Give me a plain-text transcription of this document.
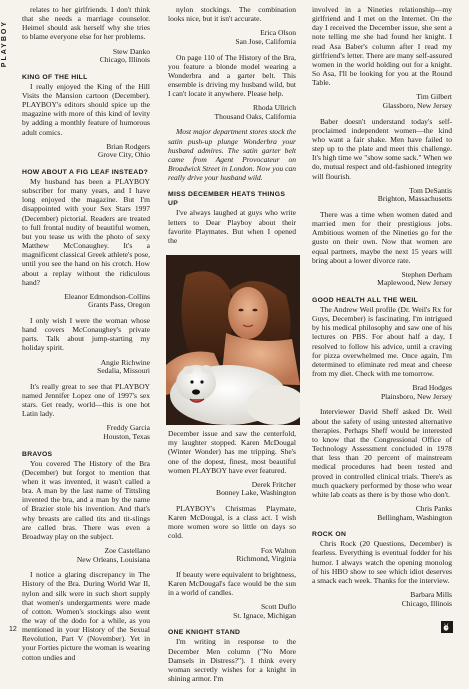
PLAYBOY
12

relates to her girlfriends. I don't think that she needs a marriage counselor. Heimel should ask herself why she tries to blame everyone else for her problems.

Stew Danko
Chicago, Illinois
KING OF THE HILL

I really enjoyed the King of the Hill Visits the Mansion cartoon (December). PLAYBOY's editors should spice up the magazine with more of this kind of levity by adding a monthly feature of humorous adult comics.

Brian Rodgers
Grove City, Ohio
HOW ABOUT A FIG LEAF INSTEAD?

My husband has been a PLAYBOY subscriber for many years, and I have long enjoyed the magazine. But I'm disappointed with your Sex Stars 1997 (December) pictorial. Readers are treated to full frontal nudity of beautiful women, but you tease us with the photo of sexy Matthew McConaughey. It's a magnificent classical Greek athlete's pose, until you see the hand on his crotch. How about a replay without the ridiculous hand?

Eleanor Edmondson-Collins
Grants Pass, Oregon

I only wish I were the woman whose hand covers McConaughey's private parts. Talk about jump-starting my holiday spirit.

Angie Richwine
Sedalia, Missouri

It's really great to see that PLAYBOY named Jennifer Lopez one of 1997's sex stars. Get ready, world—this is one hot Latin lady.

Freddy Garcia
Houston, Texas
BRAVOS

You covered The History of the Bra (December) but forgot to mention that when it was invented, it wasn't called a bra. A man by the last name of Tittsling invented the bra, and a man by the name of Brazier stole his invention. And that's why breasts are called tits and tit-slings are called bras. There was even a Broadway play on the subject.

Zoe Castellano
New Orleans, Louisiana

I notice a glaring discrepancy in The History of the Bra. During World War II, nylon and silk were in such short supply that women's undergarments were made of cotton. Women's stockings also went the way of the dodo for a while, as you mentioned in your History of the Sexual Revolution, Part V (November). Yet in your Forties picture the woman is wearing cotton undies and

nylon stockings. The combination looks nice, but it isn't accurate.

Erica Olson
San Jose, California

On page 110 of The History of the Bra, you feature a blonde model wearing a Wonderbra and a garter belt. This ensemble is driving my husband wild, but I can't locate it anywhere. Please help.

Rhoda Ullrich
Thousand Oaks, California

Most major department stores stock the satin push-up plunge Wonderbra your husband admires. The satin garter belt came from Agent Provocateur on Broadwick Street in London. Now you can really drive your husband wild.

MISS DECEMBER HEATS THINGS UP

I've always laughed at guys who write letters to Dear Playboy about their favorite Playmates. But when I opened the

December issue and saw the centerfold, my laughter stopped. Karen McDougal (Winter Wonder) has me tripping. She's one of the dopest, finest, most beautiful women PLAYBOY have ever featured.

Derek Fritcher
Bonney Lake, Washington

PLAYBOY's Christmas Playmate, Karen McDougal, is a class act. I wish more women wore so little on days so cold.

Fox Walton
Richmond, Virginia

If beauty were equivalent to brightness, Karen McDougal's face would be the sun in a world of candles.

Scott Duflo
St. Ignace, Michigan
ONE KNIGHT STAND

I'm writing in response to the December Men column ("No More Damsels in Distress?"). I think every woman secretly wishes for a knight in shining armor. I'm

involved in a Nineties relationship—my girlfriend and I met on the Internet. On the day I received the December issue, she sent a note telling me she had found her knight. I read Asa Baber's column after I read my girlfriend's letter. There are many self-assured women in the world holding out for a knight. So Asa, I'll be looking for you at the Round Table.

Tim Gilbert
Glassboro, New Jersey

Baber doesn't understand today's self-proclaimed independent women—the kind who want a fair shake. Men have failed to step up to the plate and meet this challenge. It's high time we "show some sack." When we do, mutual respect and old-fashioned integrity will flourish.

Tom DeSantis
Brighton, Massachusetts

There was a time when women dated and married men for their prestigious jobs. Ambitious women of the Nineties go for the gusto on their own. Now that women are equal partners, maybe the next 15 years will bring about a lower divorce rate.

Stephen Derham
Maplewood, New Jersey
GOOD HEALTH ALL THE WEIL

The Andrew Weil profile (Dr. Weil's Rx for Guys, December) is fascinating. I'm intrigued by his medical philosophy and saw one of his lectures on PBS. For about half a day, I resolved to follow his advice, until a craving for pizza overwhelmed me. Once again, I'm determined to eliminate red meat and cheese from my diet. Check with me tomorrow.

Brad Hodges
Plainsboro, New Jersey

Interviewer David Sheff asked Dr. Weil about the safety of using untested alternative therapies. Perhaps Sheff would be interested to know that the Congressional Office of Technology Assessment concluded in 1978 that less than 20 percent of mainstream medical procedures had been tested and proved in controlled clinical trials. There's as much quackery performed by those who wear white lab coats as there is by those who don't.

Chris Panks
Bellingham, Washington
ROCK ON

Chris Rock (20 Questions, December) is fearless. Everything is eventual fodder for his humor. I always watch the opening monolog of his HBO show to see which idiot deserves a smack each week. Thanks for the interview.

Barbara Mills
Chicago, Illinois
